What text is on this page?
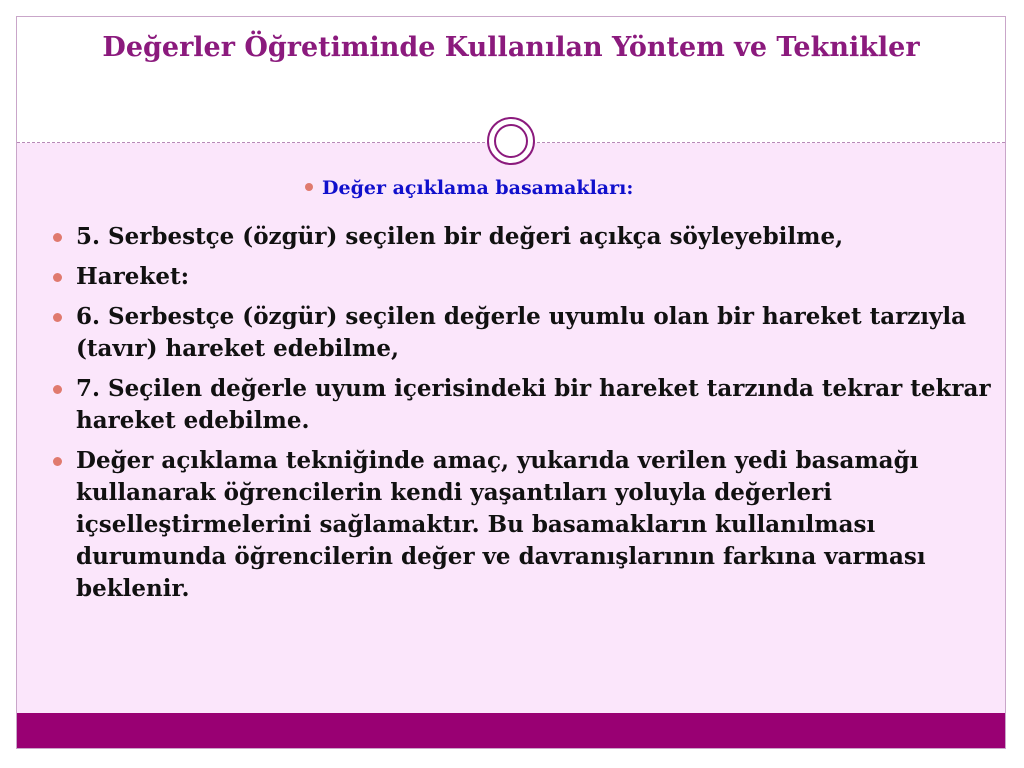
Değerler Öğretiminde Kullanılan Yöntem ve Teknikler
Değer açıklama basamakları:
5. Serbestçe (özgür) seçilen bir değeri açıkça söyleyebilme,
Hareket:
6. Serbestçe (özgür) seçilen değerle uyumlu olan bir hareket tarzıyla (tavır) hareket edebilme,
7. Seçilen değerle uyum içerisindeki bir hareket tarzında tekrar tekrar hareket edebilme.
Değer açıklama tekniğinde amaç, yukarıda verilen yedi basamağı kullanarak öğrencilerin kendi yaşantıları yoluyla değerleri içselleştirmelerini sağlamaktır. Bu basamakların kullanılması durumunda öğrencilerin değer ve davranışlarının farkına varması beklenir.
